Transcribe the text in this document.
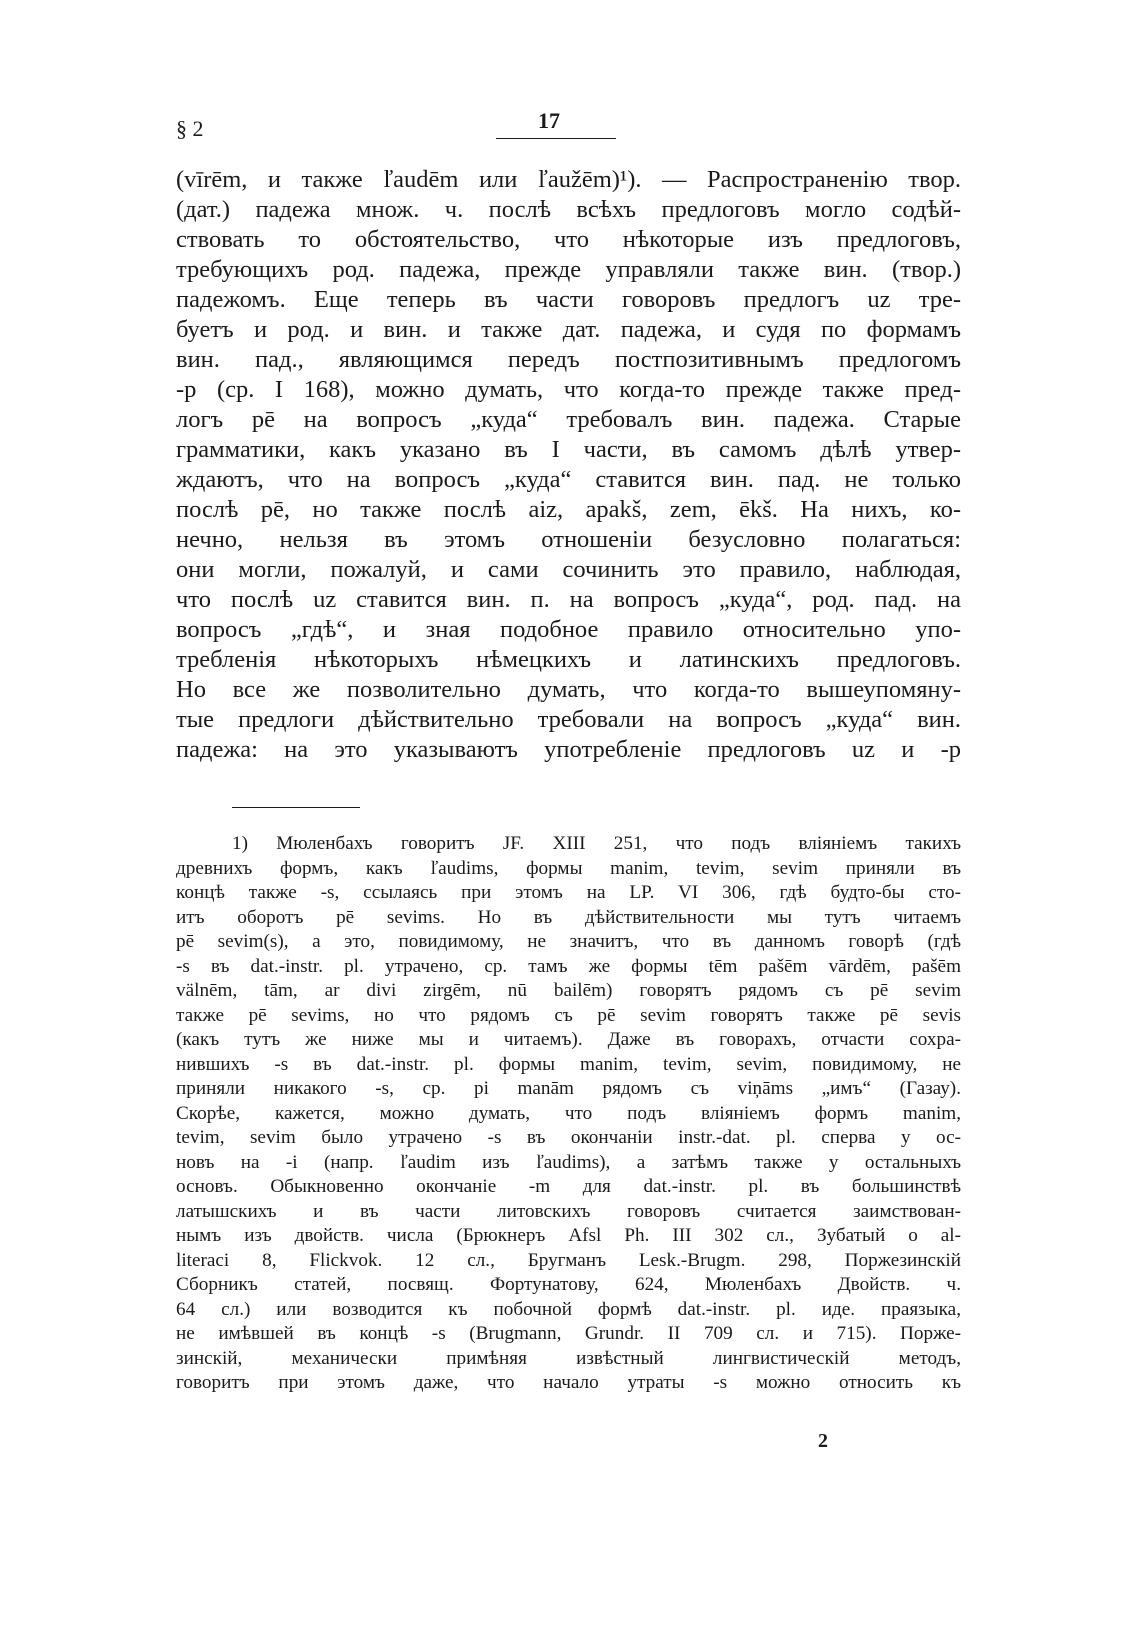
§ 2	17
(vīrēm, и также ľaudēm или ľaužēm)¹). — Распространенію твор.
(дат.) падежа множ. ч. послѣ всѣхъ предлоговъ могло содѣй-
ствовать то обстоятельство, что нѣкоторые изъ предлоговъ,
требующихъ род. падежа, прежде управляли также вин. (твор.)
падежомъ. Еще теперь въ части говоровъ предлогъ uz тре-
буетъ и род. и вин. и также дат. падежа, и судя по формамъ
вин. пад., являющимся передъ постпозитивнымъ предлогомъ
-p (ср. I 168), можно думать, что когда-то прежде также пред-
логъ pē на вопросъ „куда“ требовалъ вин. падежа. Старые
грамматики, какъ указано въ I части, въ самомъ дѣлѣ утвер-
ждаютъ, что на вопросъ „куда“ ставится вин. пад. не только
послѣ pē, но также послѣ aiz, apakš, zem, ēkš. На нихъ, ко-
нечно, нельзя въ этомъ отношеніи безусловно полагаться:
они могли, пожалуй, и сами сочинить это правило, наблюдая,
что послѣ uz ставится вин. п. на вопросъ „куда“, род. пад. на
вопросъ „гдѣ“, и зная подобное правило относительно упо-
требленія нѣкоторыхъ нѣмецкихъ и латинскихъ предлоговъ.
Но все же позволительно думать, что когда-то вышеупомяну-
тые предлоги дѣйствительно требовали на вопросъ „куда“ вин.
падежа: на это указываютъ употребленіе предлоговъ uz и -p
1) Мюленбахъ говоритъ JF. XIII 251, что подъ вліяніемъ такихъ
древнихъ формъ, какъ ľaudims, формы manim, tevim, sevim приняли въ
концѣ также -s, ссылаясь при этомъ на LP. VI 306, гдѣ будто-бы сто-
итъ оборотъ pē sevims. Но въ дѣйствительности мы тутъ читаемъ
pē sevim(s), а это, повидимому, не значитъ, что въ данномъ говорѣ (гдѣ
-s въ dat.-instr. pl. утрачено, ср. тамъ же формы tēm pašēm vārdēm, pašēm
välnēm, tām, ar divi zirgēm, nū bailēm) говорятъ рядомъ съ pē sevim
также pē sevims, но что рядомъ съ pē sevim говорятъ также pē sevis
(какъ тутъ же ниже мы и читаемъ). Даже въ говорахъ, отчасти сохра-
нившихъ -s въ dat.-instr. pl. формы manim, tevim, sevim, повидимому, не
приняли никакого -s, ср. pi manām рядомъ съ viņāms „имъ“ (Газау).
Скорѣе, кажется, можно думать, что подъ вліяніемъ формъ manim,
tevim, sevim было утрачено -s въ окончаніи instr.-dat. pl. сперва у ос-
новъ на -i (напр. ľaudim изъ ľaudims), а затѣмъ также у остальныхъ
основъ. Обыкновенно окончаніе -m для dat.-instr. pl. въ большинствѣ
латышскихъ и въ части литовскихъ говоровъ считается заимствован-
нымъ изъ двойств. числа (Брюкнеръ Afsl Ph. III 302 сл., Зубатый o al-
literaci 8, Flickvok. 12 сл., Бругманъ Lesk.-Brugm. 298, Поржезинскій
Сборникъ статей, посвящ. Фортунатову, 624, Мюленбахъ Двойств. ч.
64 сл.) или возводится къ побочной формѣ dat.-instr. pl. иде. праязыка,
не имѣвшей въ концѣ -s (Brugmann, Grundr. II 709 сл. и 715). Порже-
зинскій, механически примѣняя извѣстный лингвистическій методъ,
говоритъ при этомъ даже, что начало утраты -s можно относить къ
2
